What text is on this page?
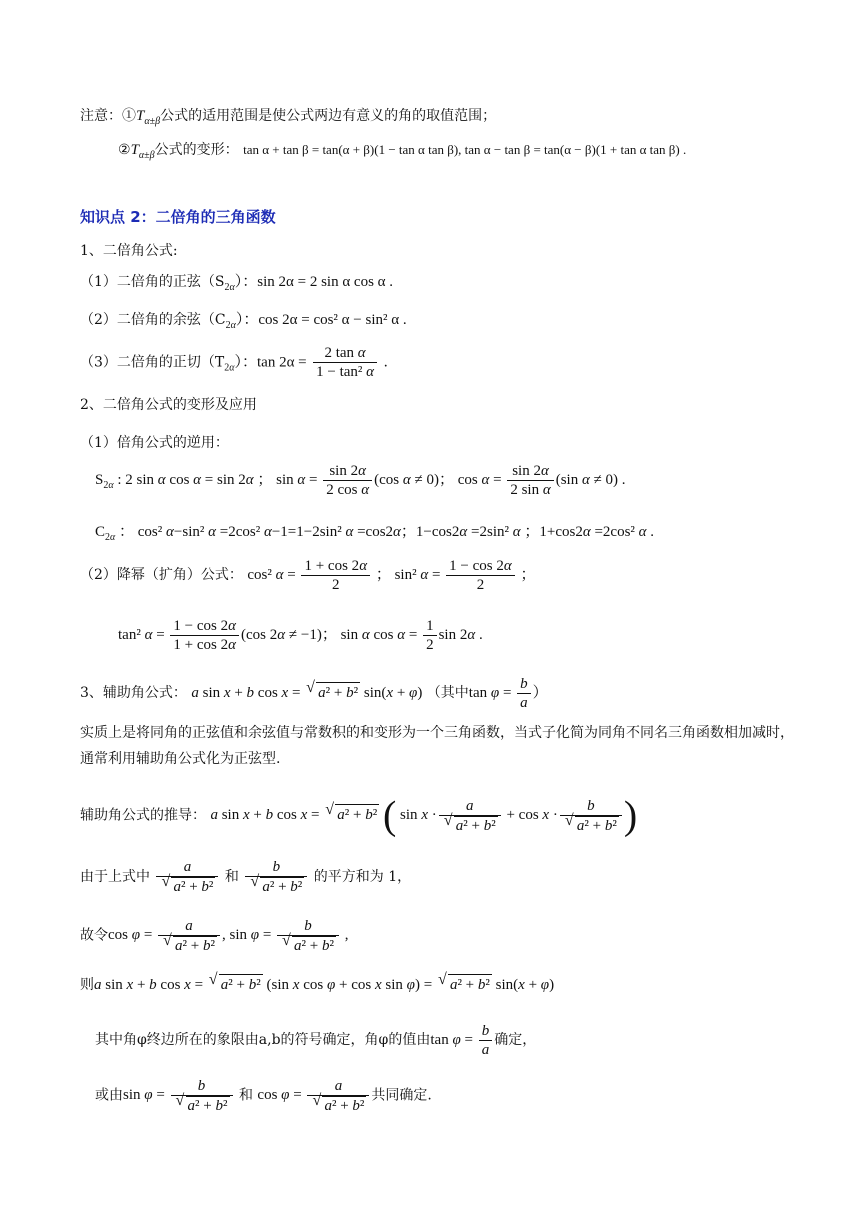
注意：$①T_{\alpha\pm\beta}$公式的适用范围是使公式两边有意义的角的取值范围；
$②T_{\alpha\pm\beta}$公式的变形： tan α + tan β = tan(α + β)(1 − tan α tan β), tan α − tan β = tan(α − β)(1 + tan α tan β) .
知识点 2：二倍角的三角函数
1、二倍角公式:
（1）二倍角的正弦$(S_{2\alpha})$：sin 2α = 2 sin α cos α .
（2）二倍角的余弦$(C_{2\alpha})$：cos 2α = cos² α − sin² α .
（3）二倍角的正切$(T_{2\alpha})$：$\tan 2\alpha = \frac{\text{2 tan α}}{\text{1 − tan² α}}$ .
2、二倍角公式的变形及应用
（1）倍角公式的逆用：
$S_{2\alpha}$ : 2 sin α cos α = sin 2α ； $\sin \alpha = \frac{\sin 2\alpha}{\text{2 cos α}} (\cos$ α ≠ 0)； $\cos \alpha = \frac{\sin 2\alpha}{\text{2 sin α}} (\sin$ α ≠ 0) .
$C_{2\alpha}$ ： cos² α−sin² α =2cos² α−1=1−2sin² α =cos2α；1−cos2α =2sin² α ；1+cos2α =2cos² α .
（2）降幂（扩角）公式： cos² $\alpha = \frac{1 + \cos 2\alpha}{2}$ ； sin² $\alpha = \frac{1 - \cos 2\alpha}{2}$ ；
tan² $\alpha = \frac{1 - \cos 2\alpha}{1 + \cos 2\alpha} (\cos$ 2α ≠ −1)； sin α $\cos \alpha = \frac{1}{2}$ sin 2α .
3、辅助角公式： a sin x + b cos x = √ a² + b² sin(x + φ) （其中$\tan \varphi = \frac{b}{a}$ ）
实质上是将同角的正弦值和余弦值与常数积的和变形为一个三角函数，当式子化简为同角不同名三角函数相加减时，通常利用辅助角公式化为正弦型.
辅助角公式的推导： a sin x + b cos x = √ a² + b² ( sin x · a
√ a² + b² + cos x · b
√ a² + b² )
由于上式中 a
√ a² + b² 和 b
√ a² + b² 的平方和为 1，
故令cos φ = a
√ a² + b² , sin φ = b
√ a² + b² ,
则a sin x + b cos x = √ a² + b² (sin x cos φ + cos x sin φ) = √ a² + b² sin(x + φ)
其中角φ终边所在的象限由a,b的符号确定，角φ的值由$\tan \varphi = \frac{b}{a}$ 确定，
或由sin φ = b
√ a² + b² 和 cos φ = a
√ a² + b² 共同确定.
